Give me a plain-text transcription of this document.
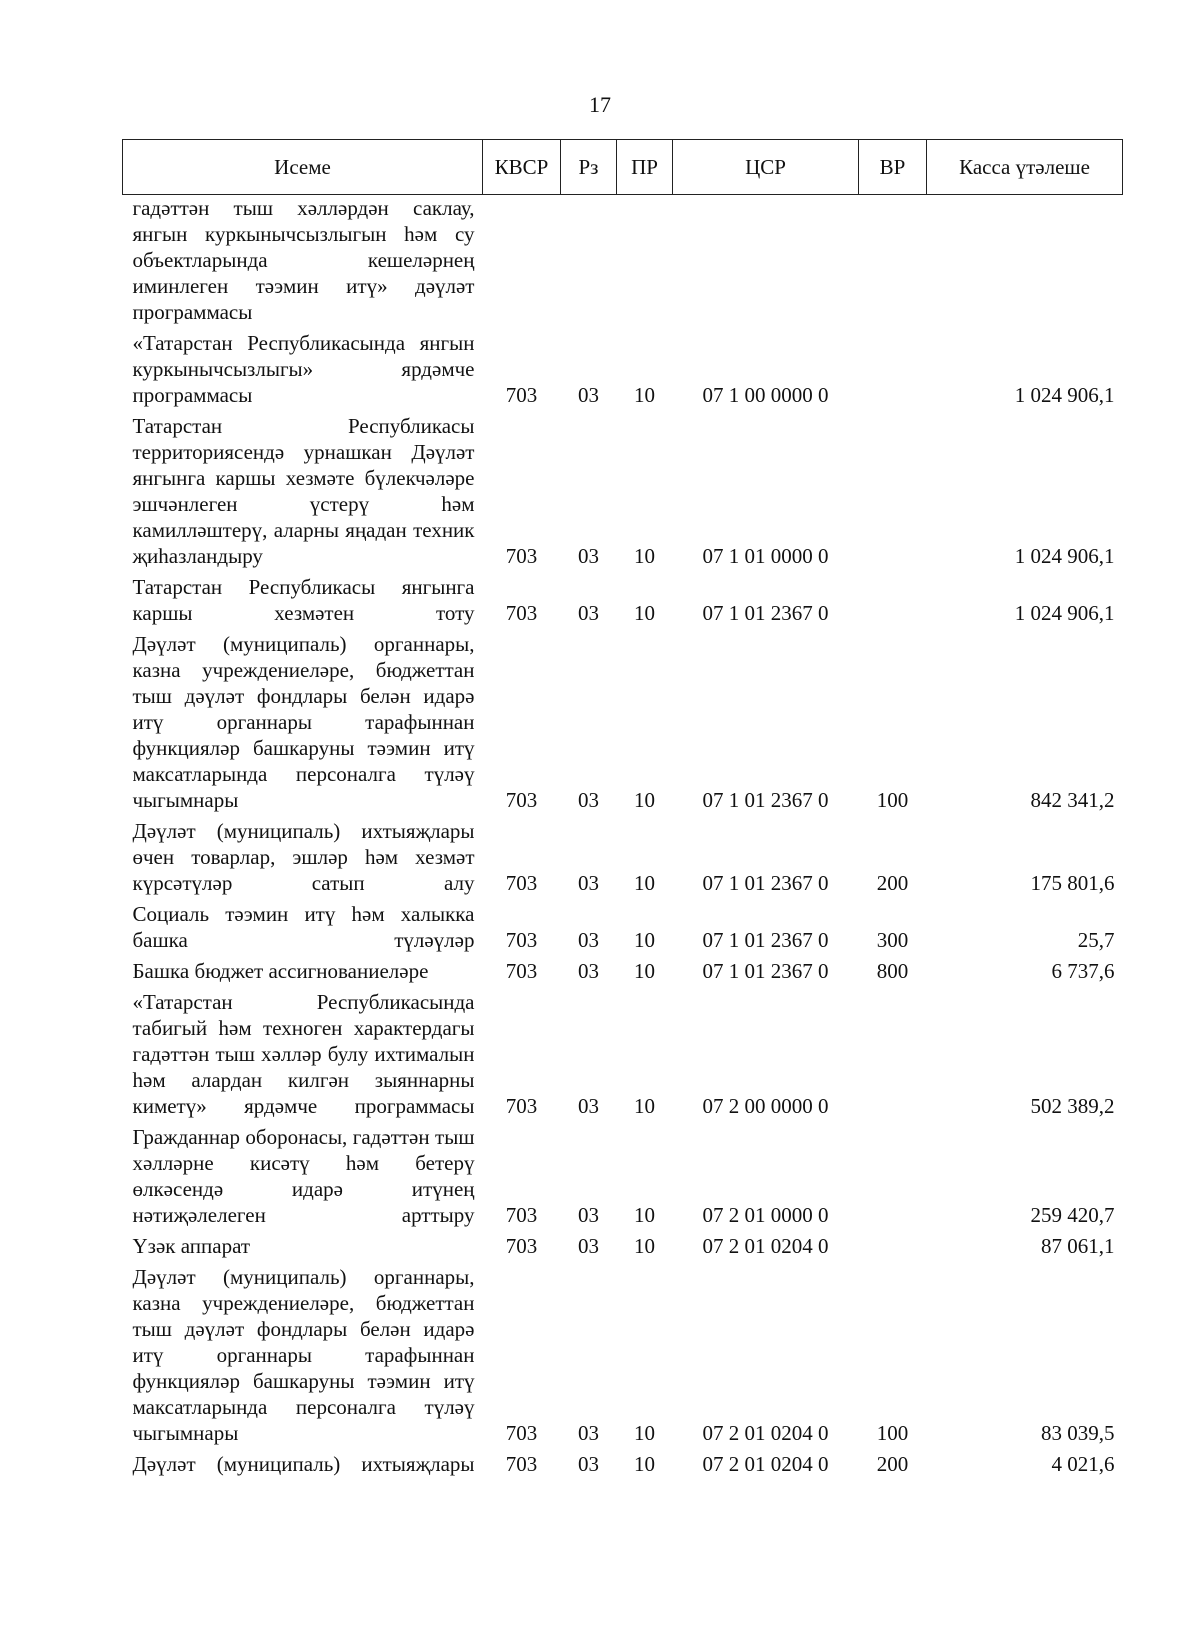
17
Исеме	КВСР	Рз	ПР	ЦСР	ВР	Касса үтәлеше
гадәттән тыш хәлләрдән саклау, янгын куркынычсызлыгын һәм су объектларында кешеләрнең иминлеген тәэмин итү» дәүләт программасы						
«Татарстан Республикасында янгын куркынычсызлыгы» ярдәмче программасы	703	03	10	07 1 00 0000 0		1 024 906,1
Татарстан Республикасы территориясендә урнашкан Дәүләт янгынга каршы хезмәте бүлекчәләре эшчәнлеген үстерү һәм камилләштерү, аларны яңадан техник җиһазландыру	703	03	10	07 1 01 0000 0		1 024 906,1
Татарстан Республикасы янгынга каршы хезмәтен тоту	703	03	10	07 1 01 2367 0		1 024 906,1
Дәүләт (муниципаль) органнары, казна учреждениеләре, бюджеттан тыш дәүләт фондлары белән идарә итү органнары тарафыннан функцияләр башкаруны тәэмин итү максатларында персоналга түләү чыгымнары	703	03	10	07 1 01 2367 0	100	842 341,2
Дәүләт (муниципаль) ихтыяҗлары өчен товарлар, эшләр һәм хезмәт күрсәтүләр сатып алу	703	03	10	07 1 01 2367 0	200	175 801,6
Социаль тәэмин итү һәм халыкка башка түләүләр	703	03	10	07 1 01 2367 0	300	25,7
Башка бюджет ассигнованиеләре	703	03	10	07 1 01 2367 0	800	6 737,6
«Татарстан Республикасында табигый һәм техноген характердагы гадәттән тыш хәлләр булу ихтималын һәм алардан килгән зыяннарны киметү» ярдәмче программасы	703	03	10	07 2 00 0000 0		502 389,2
Гражданнар оборонасы, гадәттән тыш хәлләрне кисәтү һәм бетерү өлкәсендә идарә итүнең нәтиҗәлелеген арттыру	703	03	10	07 2 01 0000 0		259 420,7
Үзәк аппарат	703	03	10	07 2 01 0204 0		87 061,1
Дәүләт (муниципаль) органнары, казна учреждениеләре, бюджеттан тыш дәүләт фондлары белән идарә итү органнары тарафыннан функцияләр башкаруны тәэмин итү максатларында персоналга түләү чыгымнары	703	03	10	07 2 01 0204 0	100	83 039,5
Дәүләт (муниципаль) ихтыяҗлары	703	03	10	07 2 01 0204 0	200	4 021,6
